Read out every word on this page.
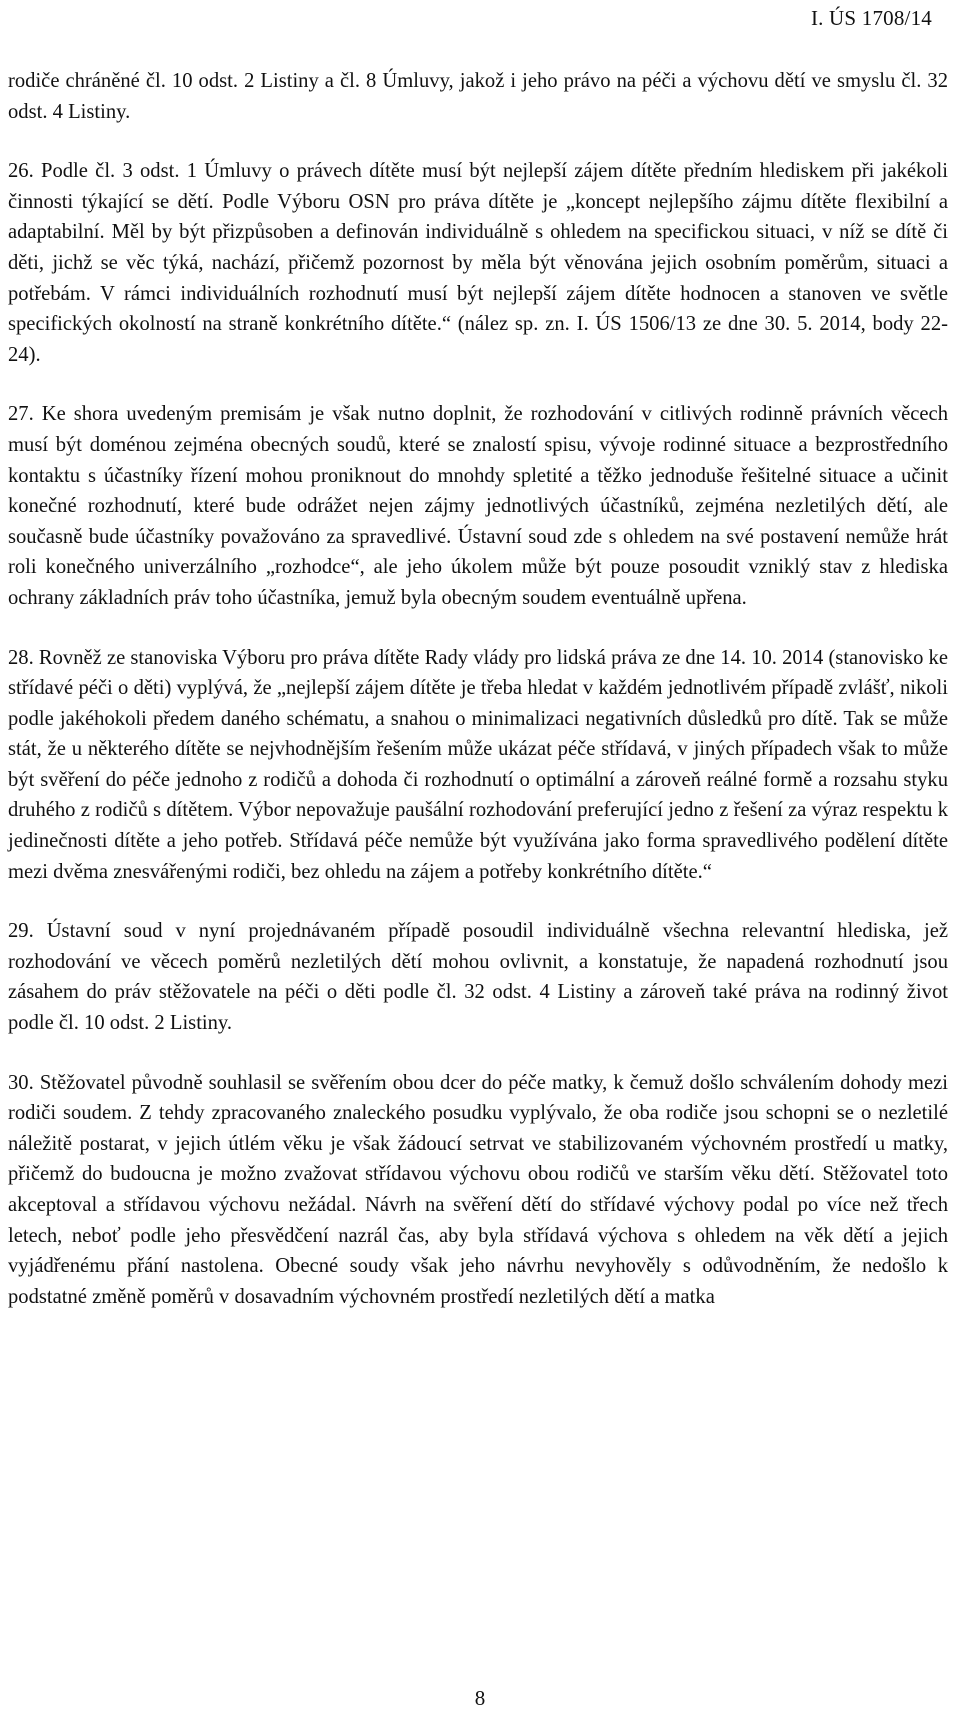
I. ÚS 1708/14

rodiče chráněné čl. 10 odst. 2 Listiny a čl. 8 Úmluvy, jakož i jeho právo na péči a výchovu dětí ve smyslu čl. 32 odst. 4 Listiny.

26. Podle čl. 3 odst. 1 Úmluvy o právech dítěte musí být nejlepší zájem dítěte předním hlediskem při jakékoli činnosti týkající se dětí. Podle Výboru OSN pro práva dítěte je „koncept nejlepšího zájmu dítěte flexibilní a adaptabilní. Měl by být přizpůsoben a definován individuálně s ohledem na specifickou situaci, v níž se dítě či děti, jichž se věc týká, nachází, přičemž pozornost by měla být věnována jejich osobním poměrům, situaci a potřebám. V rámci individuálních rozhodnutí musí být nejlepší zájem dítěte hodnocen a stanoven ve světle specifických okolností na straně konkrétního dítěte.“ (nález sp. zn. I. ÚS 1506/13 ze dne 30. 5. 2014, body 22-24).

27. Ke shora uvedeným premisám je však nutno doplnit, že rozhodování v citlivých rodinně právních věcech musí být doménou zejména obecných soudů, které se znalostí spisu, vývoje rodinné situace a bezprostředního kontaktu s účastníky řízení mohou proniknout do mnohdy spletité a těžko jednoduše řešitelné situace a učinit konečné rozhodnutí, které bude odrážet nejen zájmy jednotlivých účastníků, zejména nezletilých dětí, ale současně bude účastníky považováno za spravedlivé. Ústavní soud zde s ohledem na své postavení nemůže hrát roli konečného univerzálního „rozhodce“, ale jeho úkolem může být pouze posoudit vzniklý stav z hlediska ochrany základních práv toho účastníka, jemuž byla obecným soudem eventuálně upřena.

28. Rovněž ze stanoviska Výboru pro práva dítěte Rady vlády pro lidská práva ze dne 14. 10. 2014 (stanovisko ke střídavé péči o děti) vyplývá, že „nejlepší zájem dítěte je třeba hledat v každém jednotlivém případě zvlášť, nikoli podle jakéhokoli předem daného schématu, a snahou o minimalizaci negativních důsledků pro dítě. Tak se může stát, že u některého dítěte se nejvhodnějším řešením může ukázat péče střídavá, v jiných případech však to může být svěření do péče jednoho z rodičů a dohoda či rozhodnutí o optimální a zároveň reálné formě a rozsahu styku druhého z rodičů s dítětem. Výbor nepovažuje paušální rozhodování preferující jedno z řešení za výraz respektu k jedinečnosti dítěte a jeho potřeb. Střídavá péče nemůže být využívána jako forma spravedlivého podělení dítěte mezi dvěma znesvářenými rodiči, bez ohledu na zájem a potřeby konkrétního dítěte.“

29. Ústavní soud v nyní projednávaném případě posoudil individuálně všechna relevantní hlediska, jež rozhodování ve věcech poměrů nezletilých dětí mohou ovlivnit, a konstatuje, že napadená rozhodnutí jsou zásahem do práv stěžovatele na péči o děti podle čl. 32 odst. 4 Listiny a zároveň také práva na rodinný život podle čl. 10 odst. 2 Listiny.

30. Stěžovatel původně souhlasil se svěřením obou dcer do péče matky, k čemuž došlo schválením dohody mezi rodiči soudem. Z tehdy zpracovaného znaleckého posudku vyplývalo, že oba rodiče jsou schopni se o nezletilé náležitě postarat, v jejich útlém věku je však žádoucí setrvat ve stabilizovaném výchovném prostředí u matky, přičemž do budoucna je možno zvažovat střídavou výchovu obou rodičů ve starším věku dětí. Stěžovatel toto akceptoval a střídavou výchovu nežádal. Návrh na svěření dětí do střídavé výchovy podal po více než třech letech, neboť podle jeho přesvědčení nazrál čas, aby byla střídavá výchova s ohledem na věk dětí a jejich vyjádřenému přání nastolena. Obecné soudy však jeho návrhu nevyhověly s odůvodněním, že nedošlo k podstatné změně poměrů v dosavadním výchovném prostředí nezletilých dětí a matka

8
